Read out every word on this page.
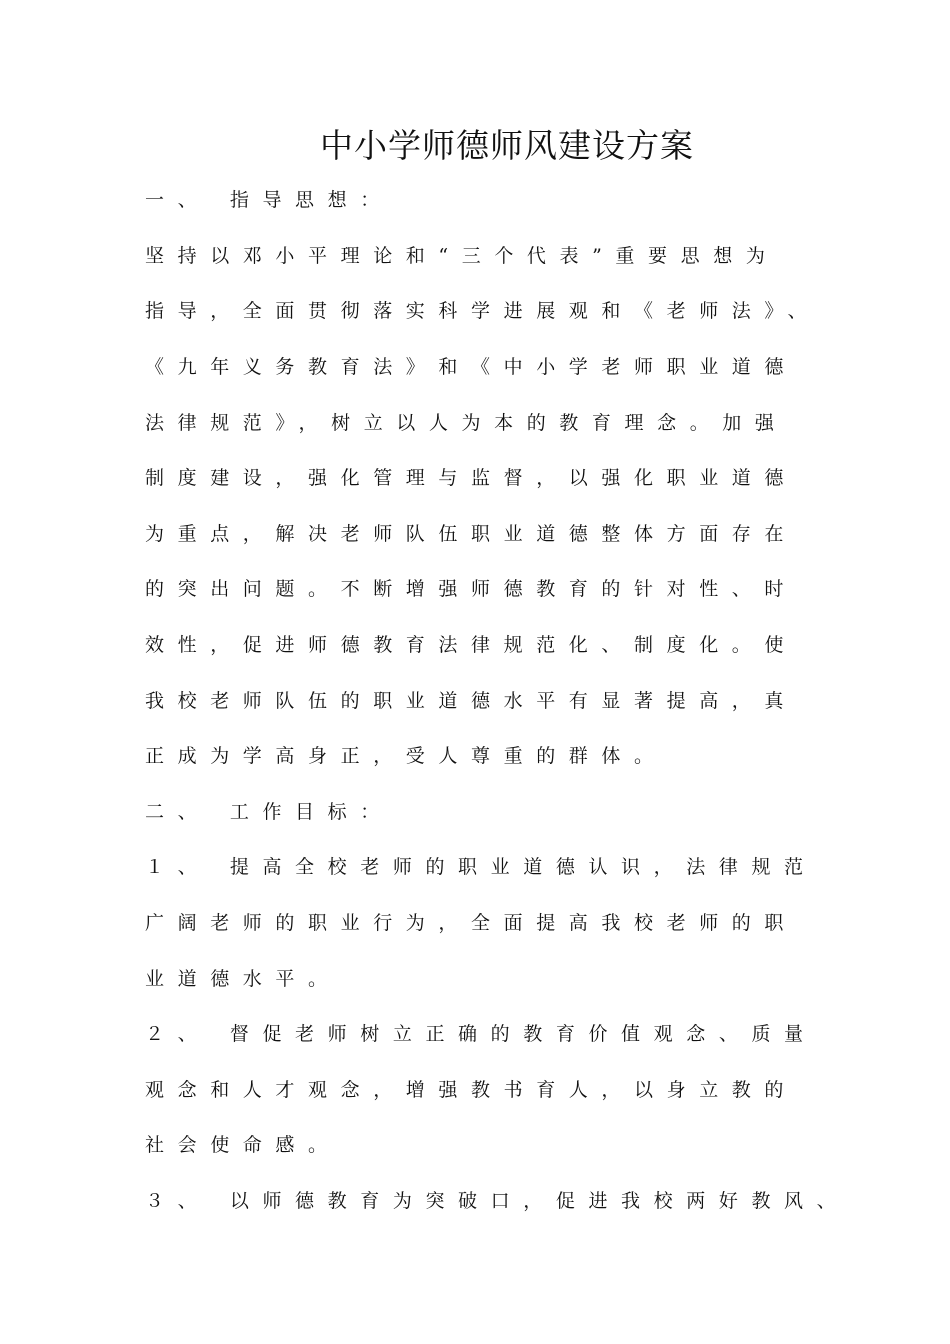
中小学师德师风建设方案
一、 指导思想：
坚持以邓小平理论和“三个代表”重要思想为
指导，全面贯彻落实科学进展观和《老师法》、
《九年义务教育法》和《中小学老师职业道德
法律规范》，树立以人为本的教育理念。加强
制度建设，强化管理与监督，以强化职业道德
为重点，解决老师队伍职业道德整体方面存在
的突出问题。不断增强师德教育的针对性、时
效性，促进师德教育法律规范化、制度化。使
我校老师队伍的职业道德水平有显著提高，真
正成为学高身正，受人尊重的群体。
二、 工作目标：
１、 提高全校老师的职业道德认识，法律规范
广阔老师的职业行为，全面提高我校老师的职
业道德水平。
２、 督促老师树立正确的教育价值观念、质量
观念和人才观念，增强教书育人，以身立教的
社会使命感。
３、 以师德教育为突破口，促进我校两好教风、
